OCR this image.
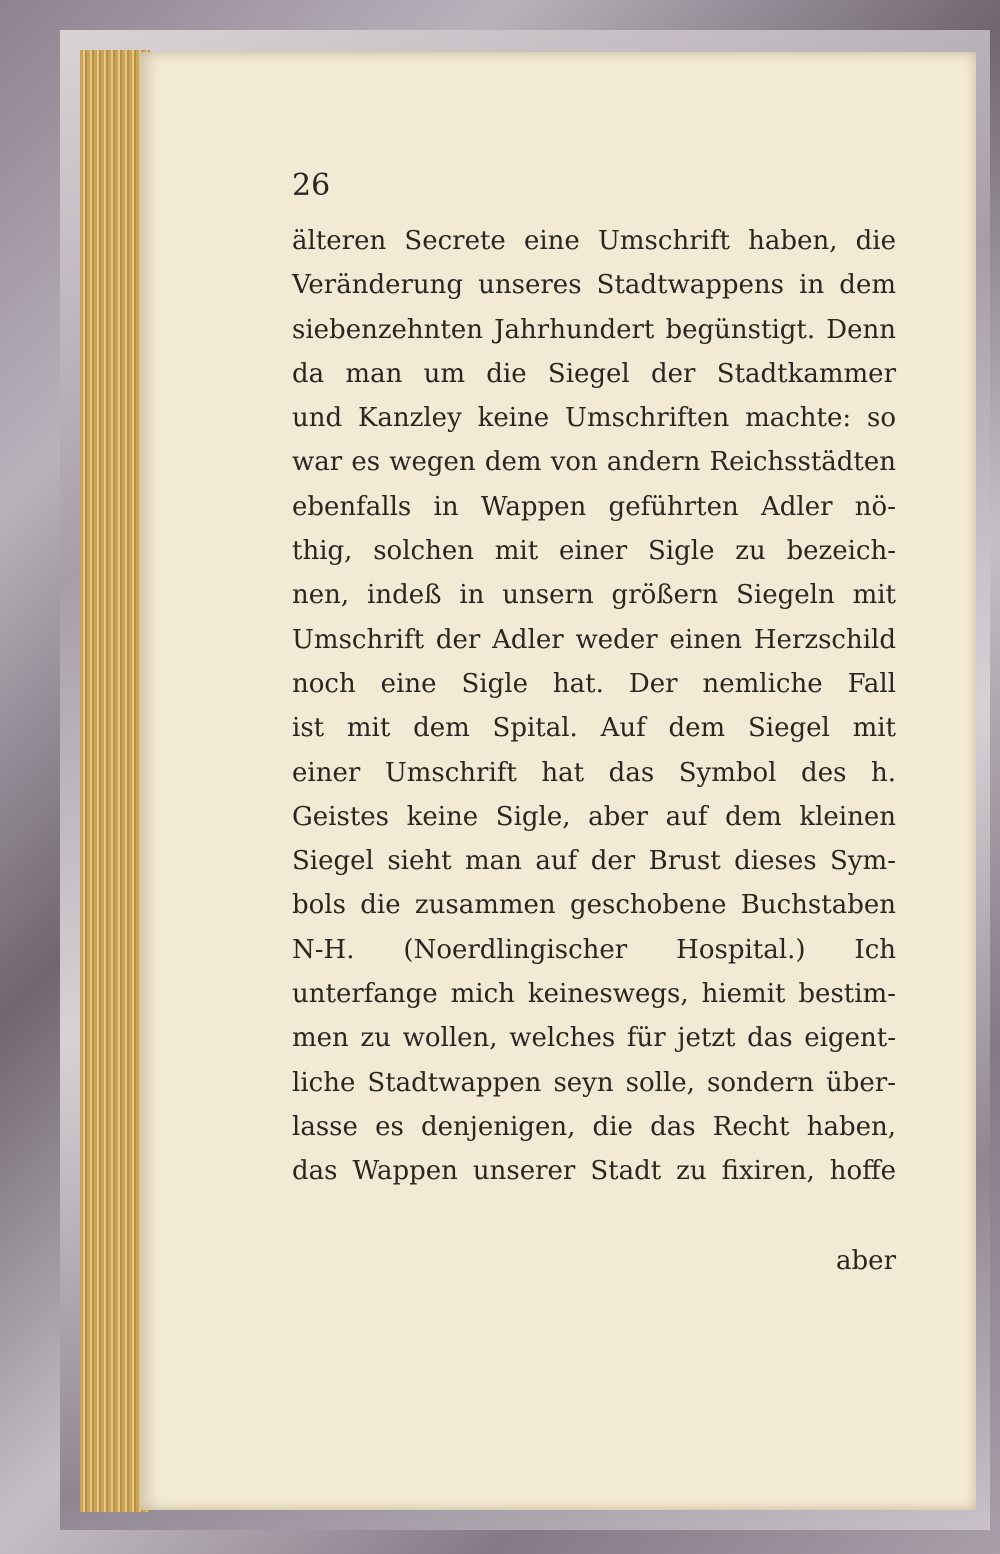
26
älteren Secrete eine Umschrift haben, die
Veränderung unseres Stadtwappens in dem
siebenzehnten Jahrhundert begünstigt. Denn
da man um die Siegel der Stadtkammer
und Kanzley keine Umschriften machte: so
war es wegen dem von andern Reichsstädten
ebenfalls in Wappen geführten Adler nö-
thig, solchen mit einer Sigle zu bezeich-
nen, indeß in unsern größern Siegeln mit
Umschrift der Adler weder einen Herzschild
noch eine Sigle hat. Der nemliche Fall
ist mit dem Spital. Auf dem Siegel mit
einer Umschrift hat das Symbol des h.
Geistes keine Sigle, aber auf dem kleinen
Siegel sieht man auf der Brust dieses Sym-
bols die zusammen geschobene Buchstaben
N-H. (Noerdlingischer Hospital.) Ich
unterfange mich keineswegs, hiemit bestim-
men zu wollen, welches für jetzt das eigent-
liche Stadtwappen seyn solle, sondern über-
lasse es denjenigen, die das Recht haben,
das Wappen unserer Stadt zu fixiren, hoffe
aber
